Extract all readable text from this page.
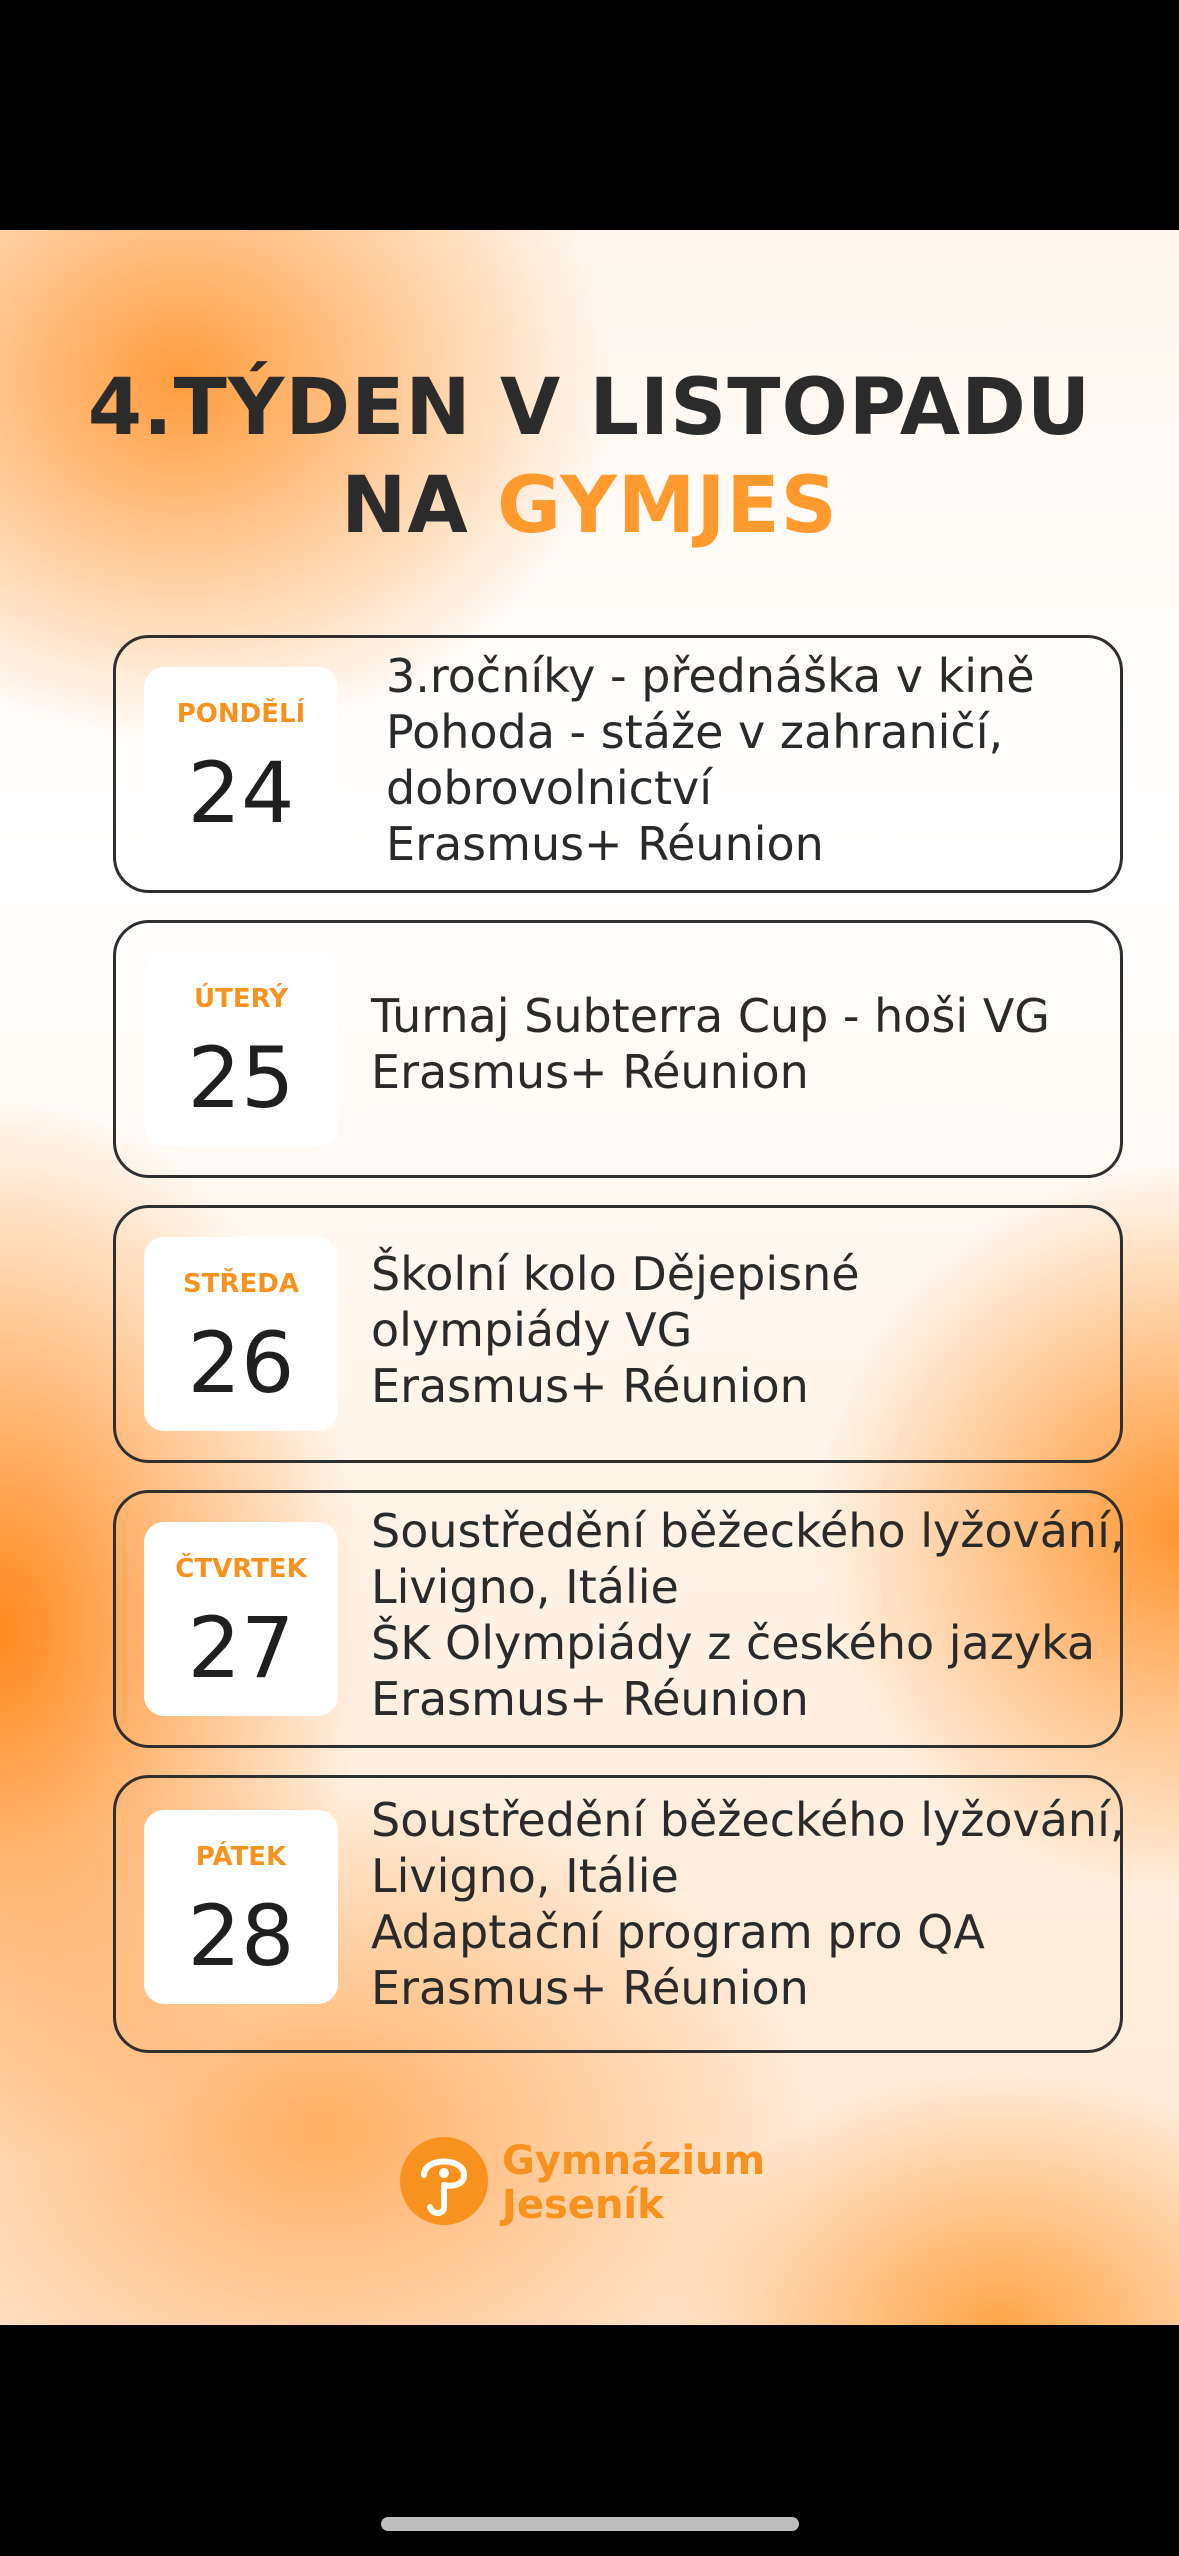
4.TÝDEN V LISTOPADU
NA GYMJES
PONDĚLÍ
24
3.ročníky - přednáška v kině
Pohoda - stáže v zahraničí,
dobrovolnictví
Erasmus+ Réunion
ÚTERÝ
25
Turnaj Subterra Cup - hoši VG
Erasmus+ Réunion
STŘEDA
26
Školní kolo Dějepisné
olympiády VG
Erasmus+ Réunion
ČTVRTEK
27
Soustředění běžeckého lyžování,
Livigno, Itálie
ŠK Olympiády z českého jazyka
Erasmus+ Réunion
PÁTEK
28
Soustředění běžeckého lyžování,
Livigno, Itálie
Adaptační program pro QA
Erasmus+ Réunion
Gymnázium
Jeseník
